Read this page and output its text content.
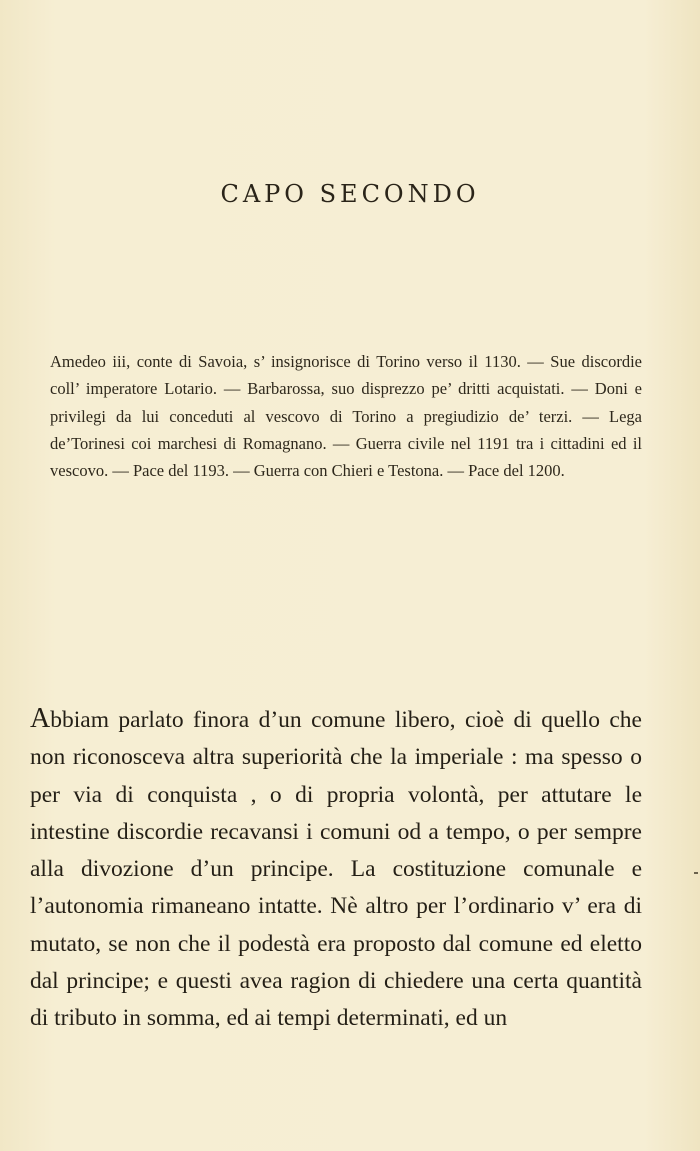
CAPO SECONDO

Amedeo iii, conte di Savoia, s’ insignorisce di Torino verso il 1130. — Sue discordie coll’ imperatore Lotario. — Barbarossa, suo disprezzo pe’ dritti acquistati. — Doni e privilegi da lui conceduti al vescovo di Torino a pregiudizio de’ terzi. — Lega de’Torinesi coi marchesi di Romagnano. — Guerra civile nel 1191 tra i cittadini ed il vescovo. — Pace del 1193. — Guerra con Chieri e Testona. — Pace del 1200.

Abbiam parlato finora d’un comune libero, cioè di quello che non riconosceva altra superiorità che la imperiale : ma spesso o per via di conquista , o di propria volontà, per attutare le intestine discordie recavansi i comuni od a tempo, o per sempre alla divozione d’un principe. La costituzione comunale e l’autonomia rimaneano intatte. Nè altro per l’ordinario v’ era di mutato, se non che il podestà era proposto dal comune ed eletto dal principe; e questi avea ragion di chiedere una certa quantità di tributo in somma, ed ai tempi determinati, ed un
